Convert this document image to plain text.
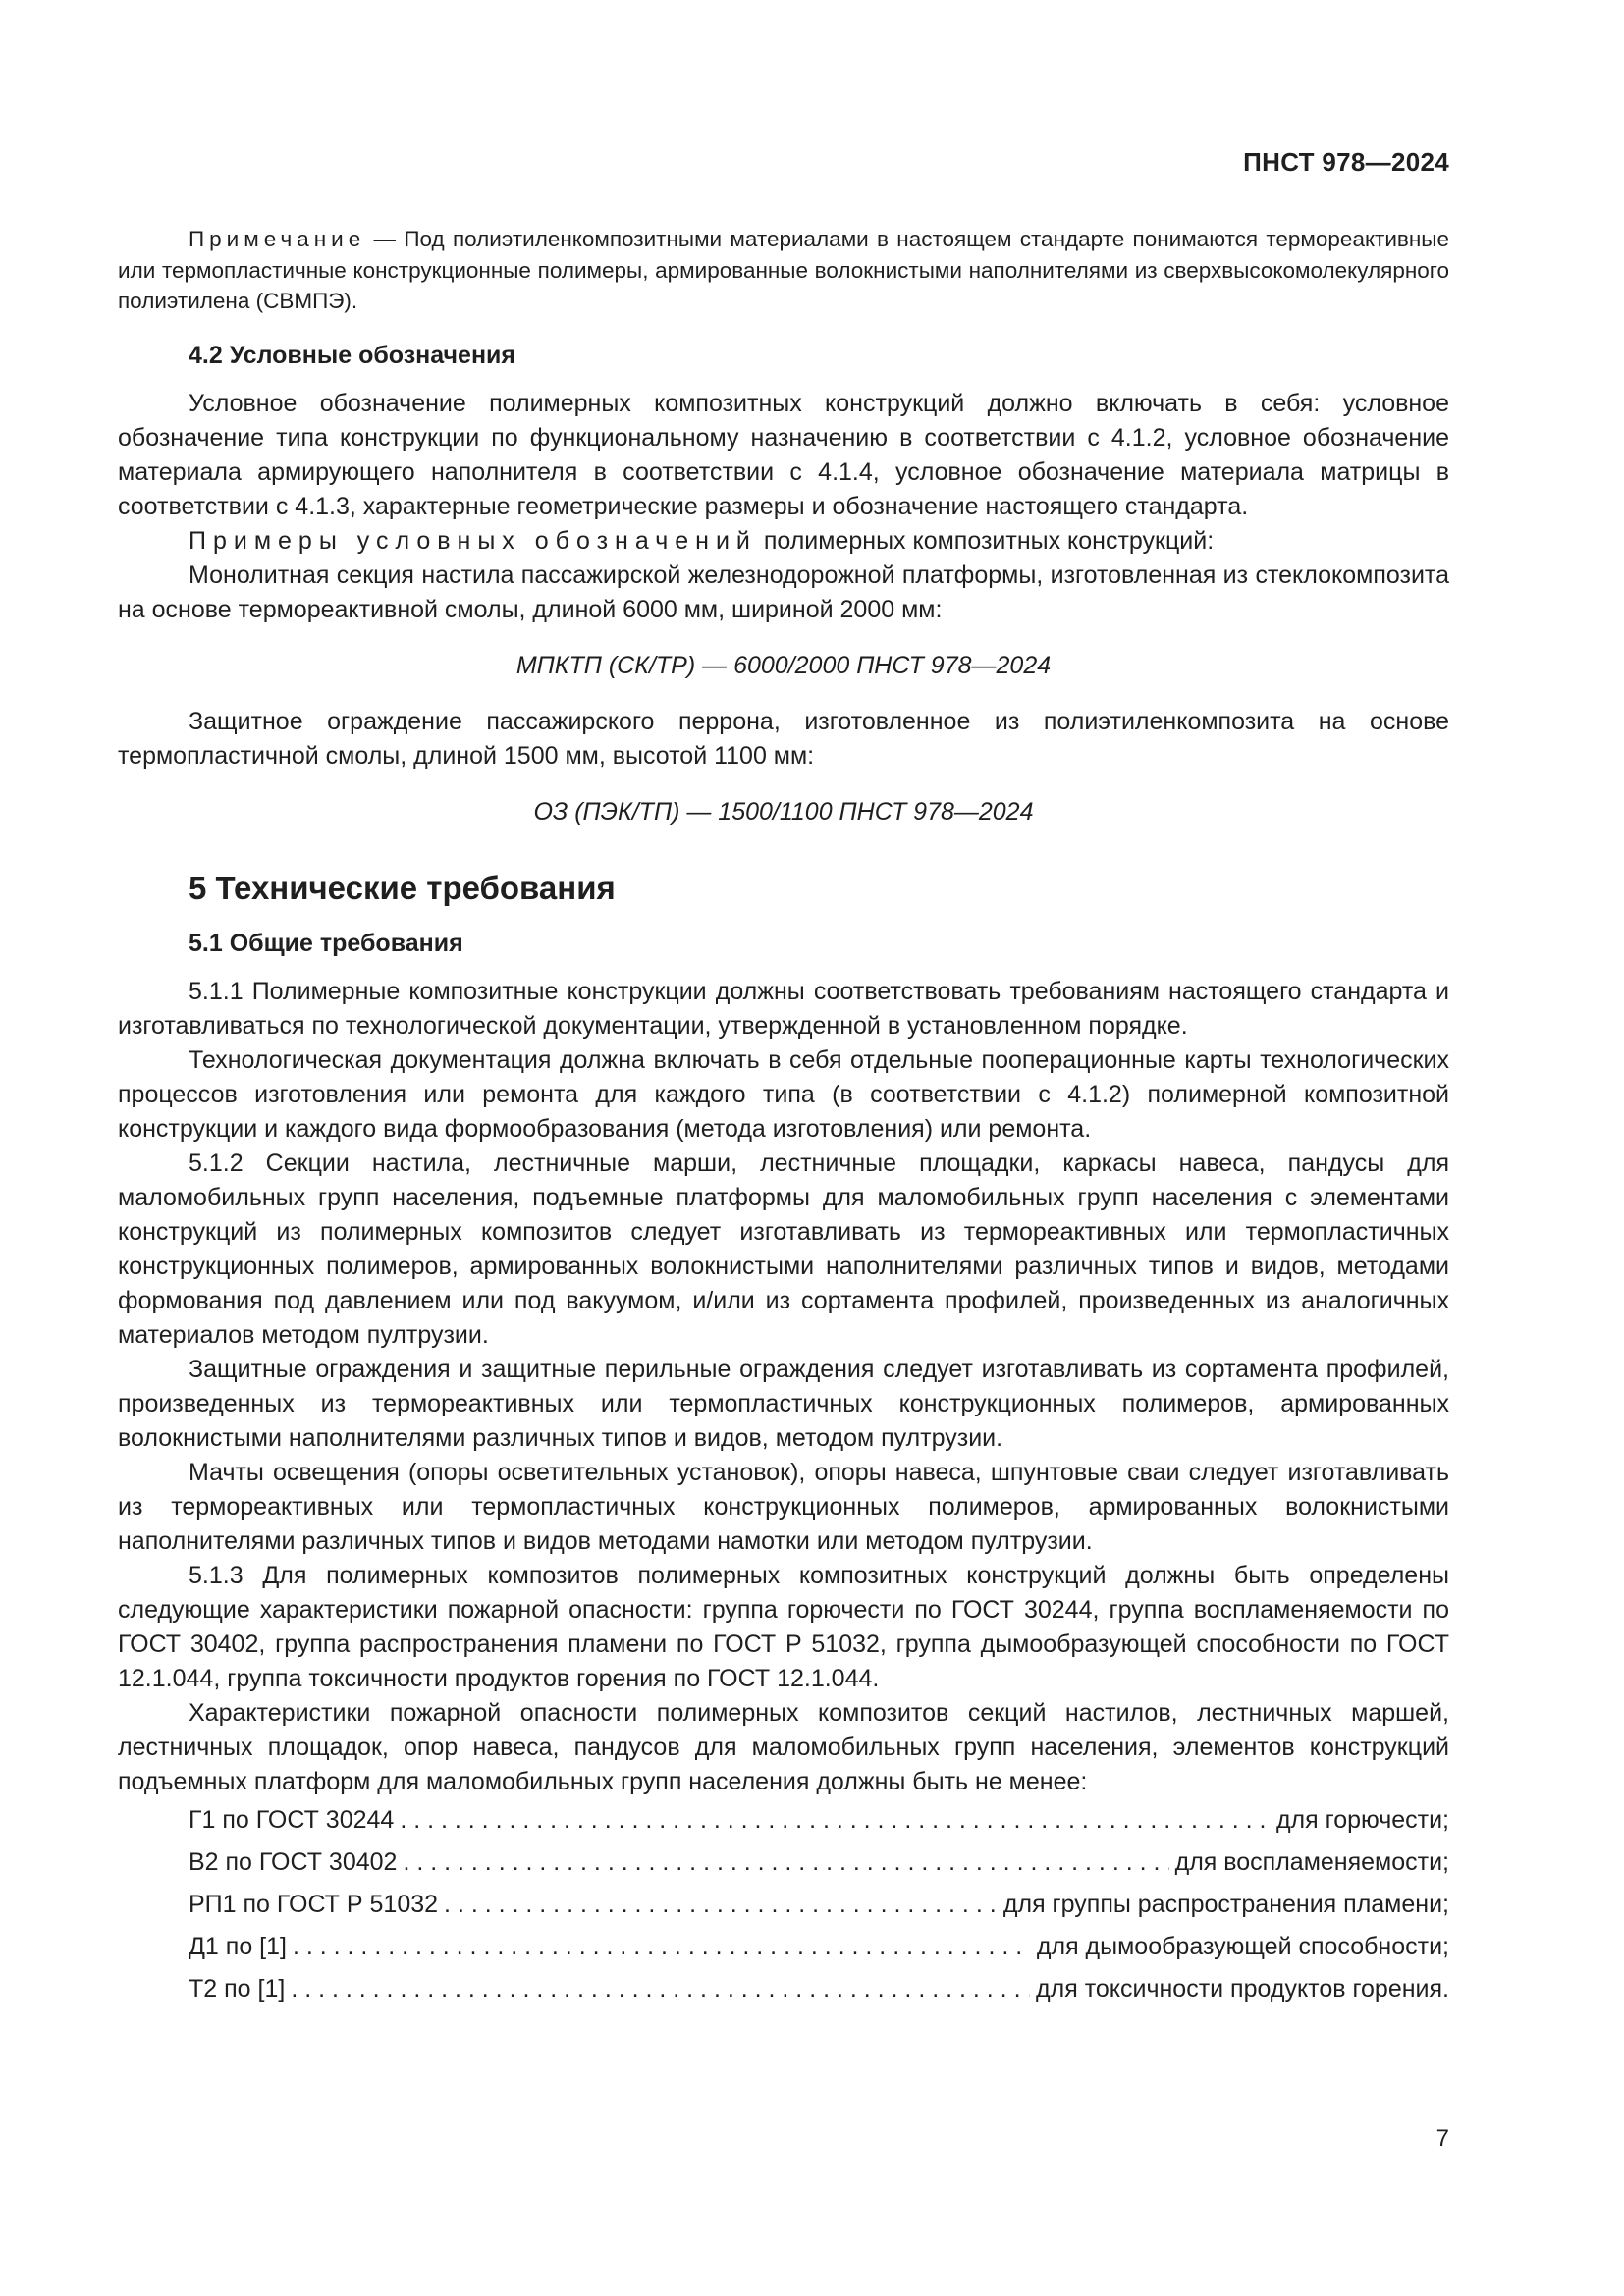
ПНСТ 978—2024

Примечание — Под полиэтиленкомпозитными материалами в настоящем стандарте понимаются термореактивные или термопластичные конструкционные полимеры, армированные волокнистыми наполнителями из сверхвысокомолекулярного полиэтилена (СВМПЭ).

4.2 Условные обозначения

Условное обозначение полимерных композитных конструкций должно включать в себя: условное обозначение типа конструкции по функциональному назначению в соответствии с 4.1.2, условное обозначение материала армирующего наполнителя в соответствии с 4.1.4, условное обозначение материала матрицы в соответствии с 4.1.3, характерные геометрические размеры и обозначение настоящего стандарта.

Примеры условных обозначений полимерных композитных конструкций:

Монолитная секция настила пассажирской железнодорожной платформы, изготовленная из стеклокомпозита на основе термореактивной смолы, длиной 6000 мм, шириной 2000 мм:

МПКТП (СК/ТР) — 6000/2000 ПНСТ 978—2024

Защитное ограждение пассажирского перрона, изготовленное из полиэтиленкомпозита на основе термопластичной смолы, длиной 1500 мм, высотой 1100 мм:

ОЗ (ПЭК/ТП) — 1500/1100 ПНСТ 978—2024
5 Технические требования
5.1 Общие требования

5.1.1 Полимерные композитные конструкции должны соответствовать требованиям настоящего стандарта и изготавливаться по технологической документации, утвержденной в установленном порядке.

Технологическая документация должна включать в себя отдельные пооперационные карты технологических процессов изготовления или ремонта для каждого типа (в соответствии с 4.1.2) полимерной композитной конструкции и каждого вида формообразования (метода изготовления) или ремонта.

5.1.2 Секции настила, лестничные марши, лестничные площадки, каркасы навеса, пандусы для маломобильных групп населения, подъемные платформы для маломобильных групп населения с элементами конструкций из полимерных композитов следует изготавливать из термореактивных или термопластичных конструкционных полимеров, армированных волокнистыми наполнителями различных типов и видов, методами формования под давлением или под вакуумом, и/или из сортамента профилей, произведенных из аналогичных материалов методом пултрузии.

Защитные ограждения и защитные перильные ограждения следует изготавливать из сортамента профилей, произведенных из термореактивных или термопластичных конструкционных полимеров, армированных волокнистыми наполнителями различных типов и видов, методом пултрузии.

Мачты освещения (опоры осветительных установок), опоры навеса, шпунтовые сваи следует изготавливать из термореактивных или термопластичных конструкционных полимеров, армированных волокнистыми наполнителями различных типов и видов методами намотки или методом пултрузии.

5.1.3 Для полимерных композитов полимерных композитных конструкций должны быть определены следующие характеристики пожарной опасности: группа горючести по ГОСТ 30244, группа воспламеняемости по ГОСТ 30402, группа распространения пламени по ГОСТ Р 51032, группа дымообразующей способности по ГОСТ 12.1.044, группа токсичности продуктов горения по ГОСТ 12.1.044.

Характеристики пожарной опасности полимерных композитов секций настилов, лестничных маршей, лестничных площадок, опор навеса, пандусов для маломобильных групп населения, элементов конструкций подъемных платформ для маломобильных групп населения должны быть не менее:

Г1 по ГОСТ 30244 . . .	для горючести;
В2 по ГОСТ 30402 . . .	для воспламеняемости;
РП1 по ГОСТ Р 51032 . . .	для группы распространения пламени;
Д1 по [1] . . .	для дымообразующей способности;
Т2 по [1] . . .	для токсичности продуктов горения.
7
